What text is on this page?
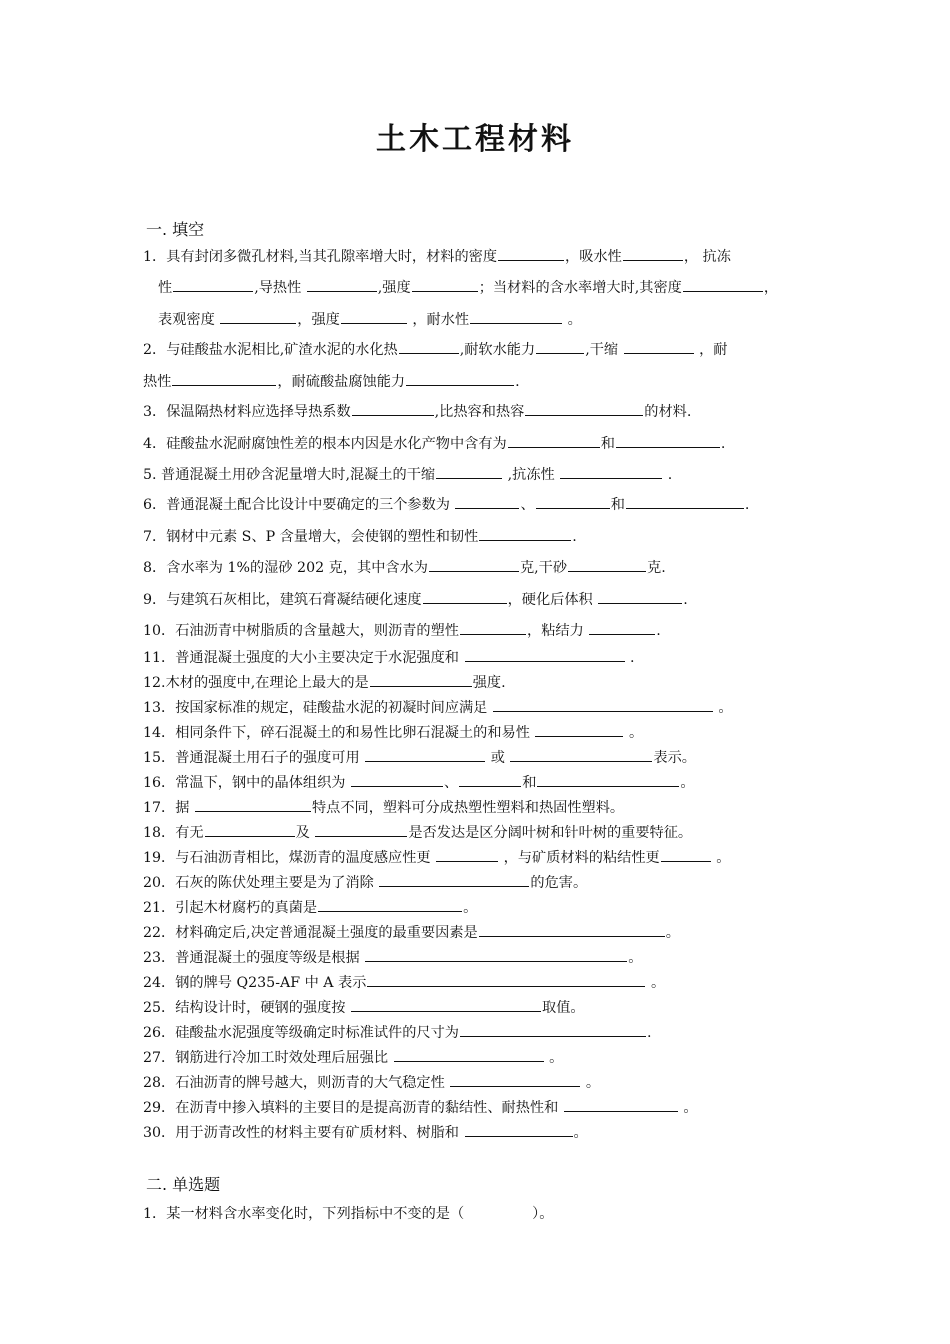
土木工程材料
一. 填空
1．具有封闭多微孔材料,当其孔隙率增大时，材料的密度	，吸水性	， 抗冻
性	,导热性	,强度	；当材料的含水率增大时,其密度	，
表观密度	，强度	，耐水性	。
2．与硅酸盐水泥相比,矿渣水泥的水化热	,耐软水能力	,干缩	，耐
热性	，耐硫酸盐腐蚀能力	.
3．保温隔热材料应选择导热系数	,比热容和热容	的材料.
4．硅酸盐水泥耐腐蚀性差的根本内因是水化产物中含有为	和	.
5. 普通混凝土用砂含泥量增大时,混凝土的干缩	,抗冻性	.
6．普通混凝土配合比设计中要确定的三个参数为	、	和	.
7．钢材中元素 S、P 含量增大，会使钢的塑性和韧性	.
8．含水率为 1%的湿砂 202 克，其中含水为	克,干砂	克.
9．与建筑石灰相比，建筑石膏凝结硬化速度	，硬化后体积	.
10．石油沥青中树脂质的含量越大，则沥青的塑性	，粘结力	.
11．普通混凝土强度的大小主要决定于水泥强度和	.
12.木材的强度中,在理论上最大的是	强度.
13．按国家标准的规定，硅酸盐水泥的初凝时间应满足	。
14．相同条件下，碎石混凝土的和易性比卵石混凝土的和易性	。
15．普通混凝土用石子的强度可用	或	表示。
16．常温下，钢中的晶体组织为	、	和	。
17．据	特点不同，塑料可分成热塑性塑料和热固性塑料。
18．有无	及	是否发达是区分阔叶树和针叶树的重要特征。
19．与石油沥青相比，煤沥青的温度感应性更	，与矿质材料的粘结性更	。
20．石灰的陈伏处理主要是为了消除	的危害。
21．引起木材腐朽的真菌是	。
22．材料确定后,决定普通混凝土强度的最重要因素是	。
23．普通混凝土的强度等级是根据	。
24．钢的牌号 Q235-AF 中 A 表示	。
25．结构设计时，硬钢的强度按	取值。
26．硅酸盐水泥强度等级确定时标准试件的尺寸为	.
27．钢筋进行冷加工时效处理后屈强比	。
28．石油沥青的牌号越大，则沥青的大气稳定性	。
29．在沥青中掺入填料的主要目的是提高沥青的黏结性、耐热性和	。
30．用于沥青改性的材料主要有矿质材料、树脂和	。
二. 单选题
1．某一材料含水率变化时，下列指标中不变的是（	）。
